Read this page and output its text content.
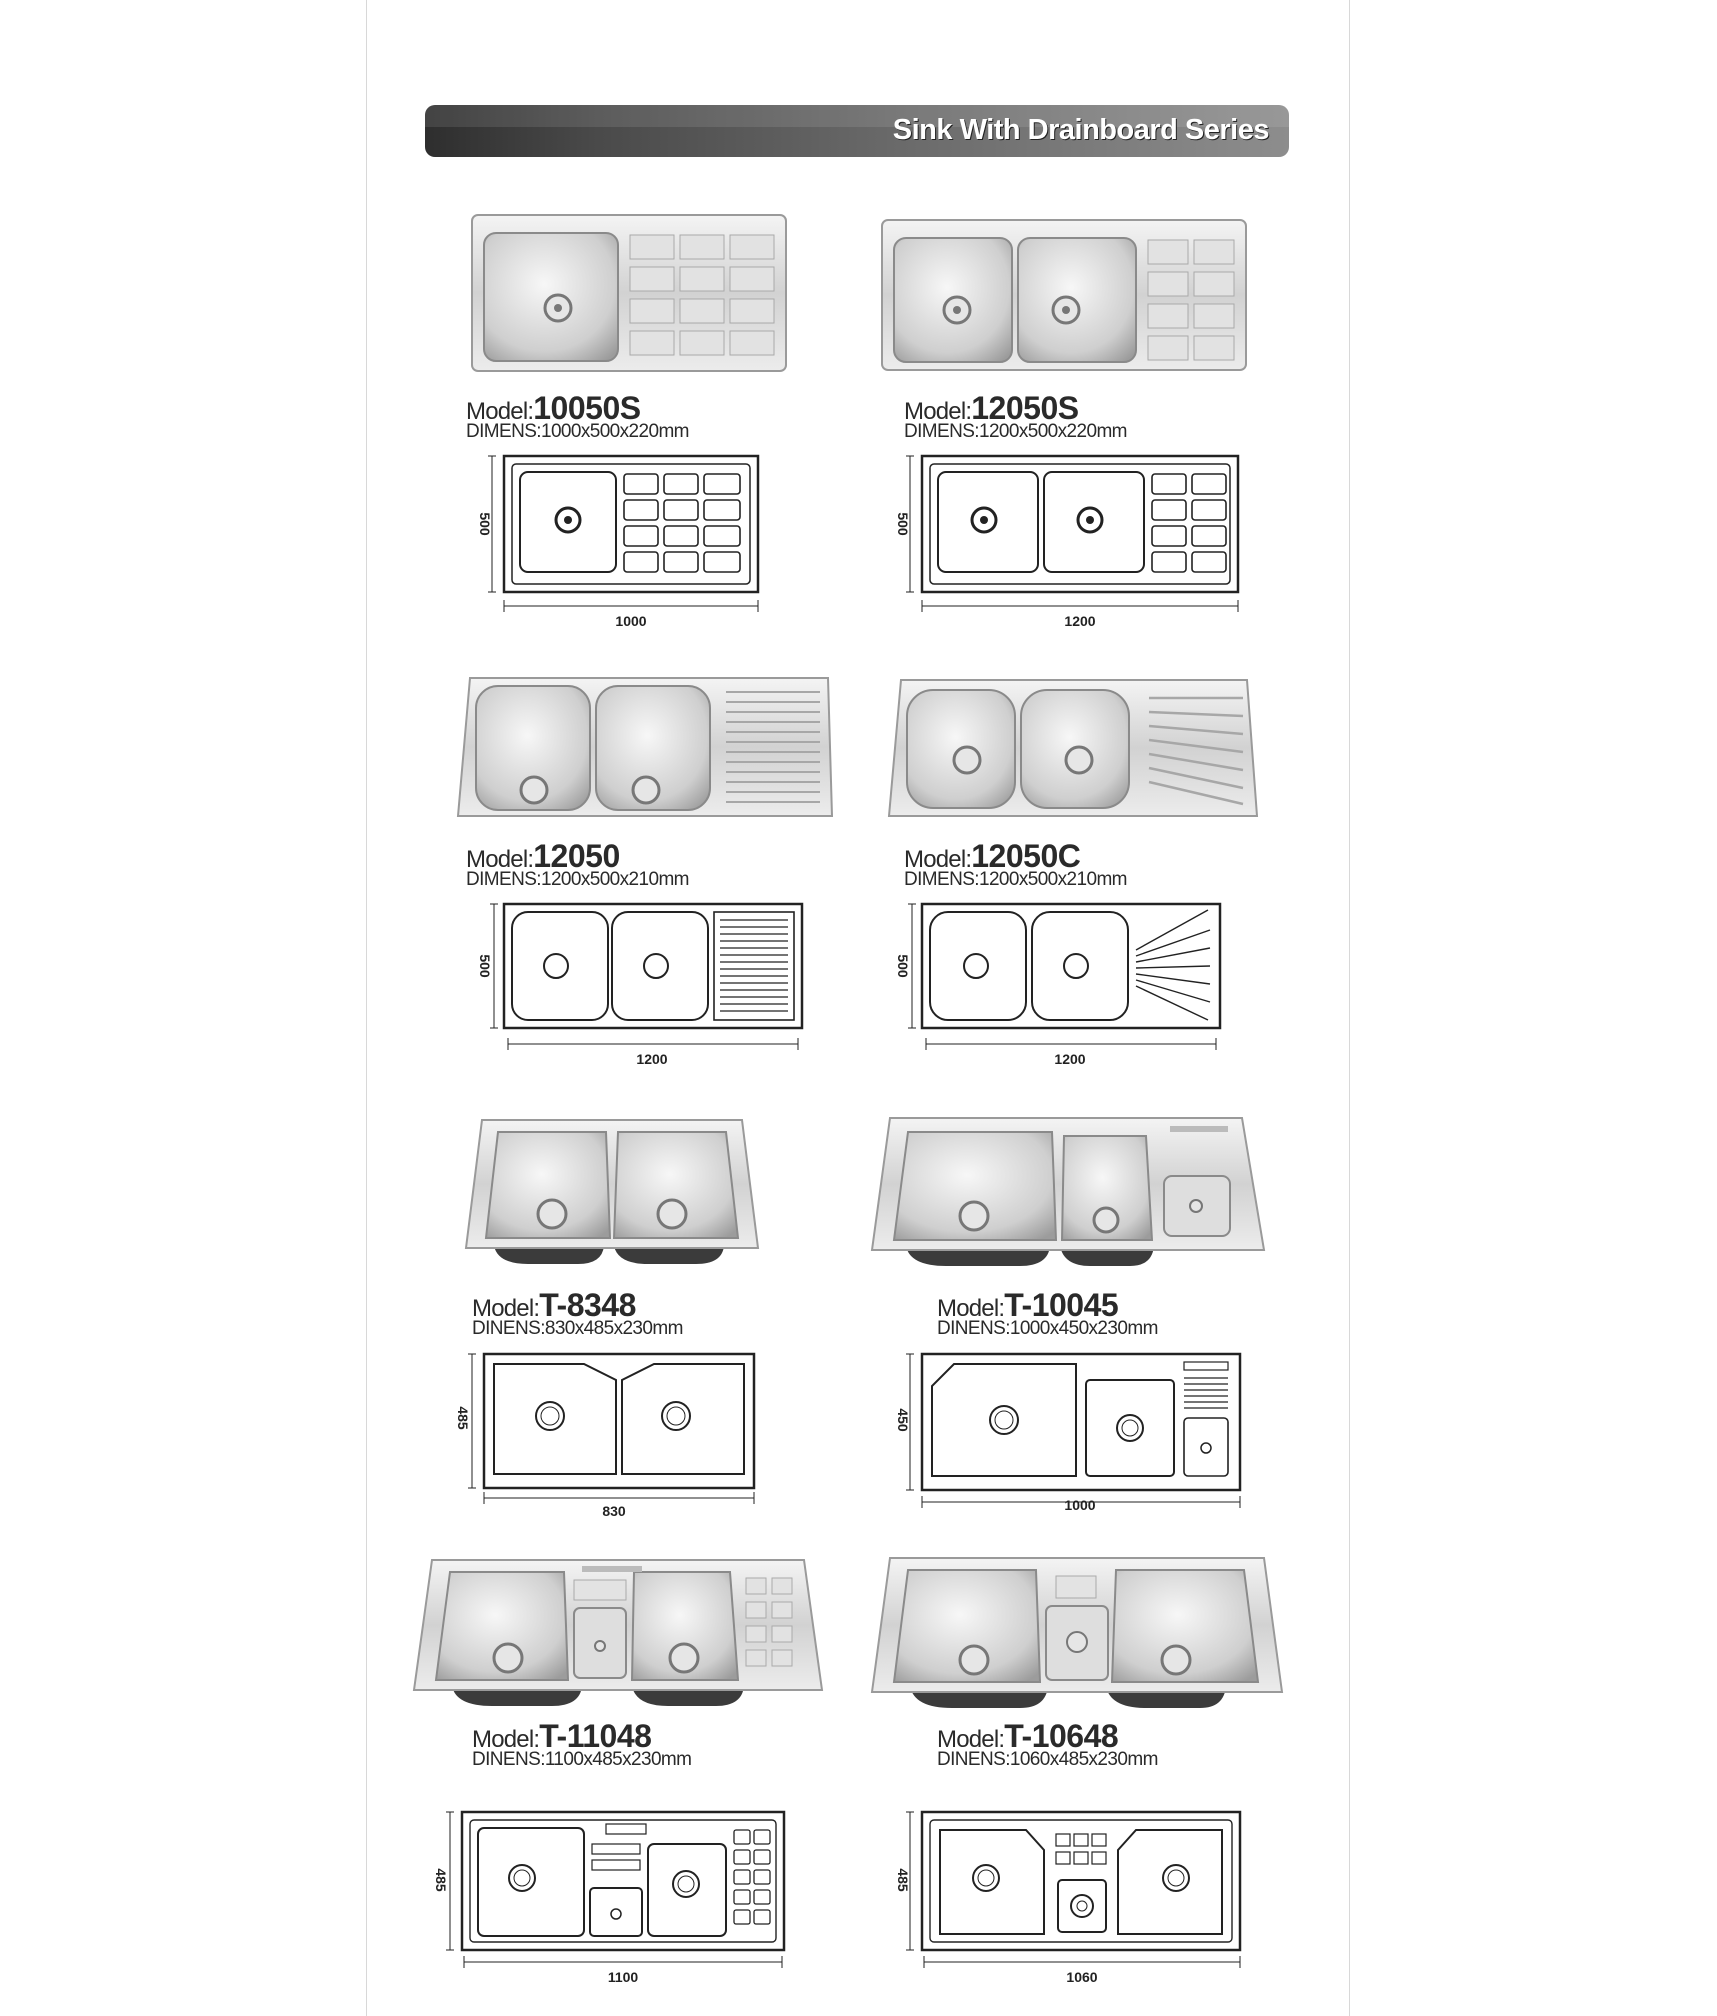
Sink With Drainboard Series
Model:10050S
DIMENS:1000x500x220mm
Model:12050S
DIMENS:1200x500x220mm
500
1000
500
1200
Model:12050
DIMENS:1200x500x210mm
Model:12050C
DIMENS:1200x500x210mm
500
1200
500
1200
Model:T-8348
DINENS:830x485x230mm
Model:T-10045
DINENS:1000x450x230mm
485
830
450
1000
Model:T-11048
DINENS:1100x485x230mm
Model:T-10648
DINENS:1060x485x230mm
485
1100
485
1060
